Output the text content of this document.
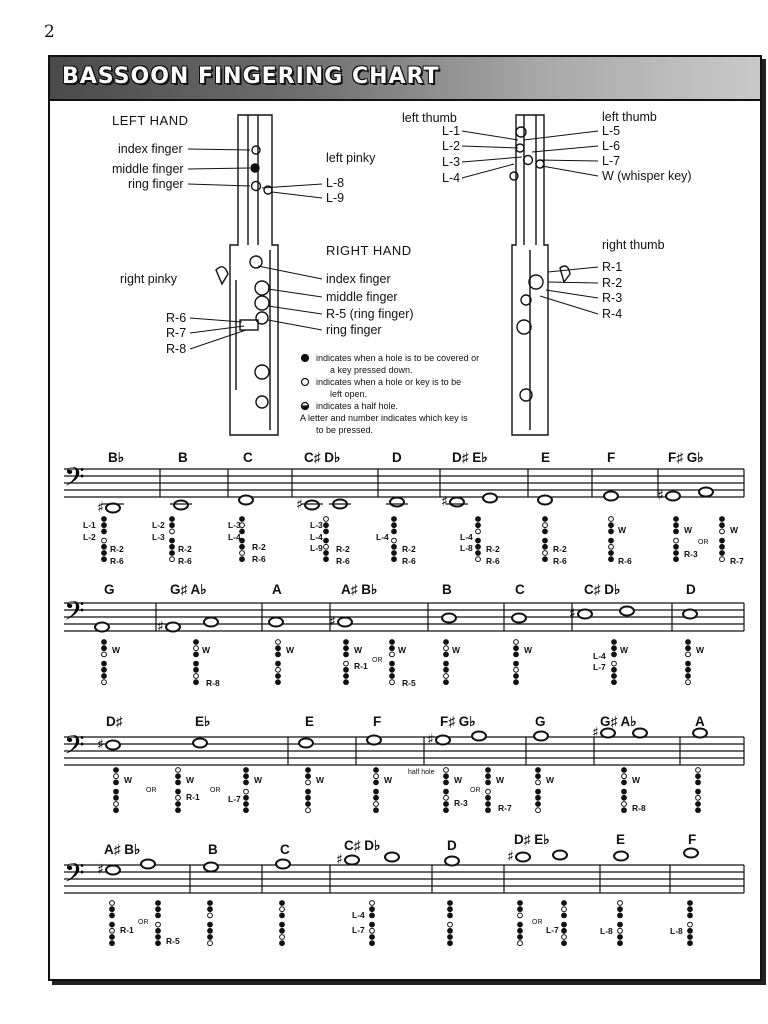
2
BASSOON FINGERING CHART
LEFT HAND
index finger
middle finger
ring finger
left pinky
L-8
L-9
RIGHT HAND
right pinky	index finger
middle finger
R-5 (ring finger)
ring finger
R-6
R-7
R-8
left thumb
L-1
L-2
L-3
L-4
left thumb
L-5
L-6
L-7
W (whisper key)
right thumb
R-1
R-2
R-3
R-4
indicates when a hole is to be covered or
a key pressed down.
indicates when a hole or key is to be
left open.
indicates a half hole.
A letter and number indicates which key is
to be pressed.
𝄢
♯	♯	♯	♯
𝄢	♯	♯	♯
𝄢 ♯	♯	♯
𝄢 ♯
♯	♯
B♭	B	C	C♯ D♭	D	D♯ E♭	E	F	F♯ G♭
G	G♯ A♭	A	A♯ B♭	B	C	C♯ D♭	D
D♯	E♭	E	F	F♯ G♭	G	G♯ A♭	A
A♯ B♭	B	C	C♯ D♭	D	D♯ E♭	E	F
L-1
L-2
R-2
R-6
L-2
L-3
R-2
R-6
L-3
L-4
R-2
R-6
L-3
L-4
L-9 R-2
R-6
L-4
R-2
R-6
L-4
L-8 R-2
R-6
R-2
R-6
W
R-6
W
OR
R-3
W
R-7
W	W
R-8
W	W
R-1
OR
W
R-5
W	W
L-4
L-7
W	W
W
OR
W
R-1
OR
W
L-7
W	W
half hole
W
R-3
OR
W
R-7
W	W
R-8
R-1
OR
R-5
L-4
L-7
OR
L-7	L-8	L-8
